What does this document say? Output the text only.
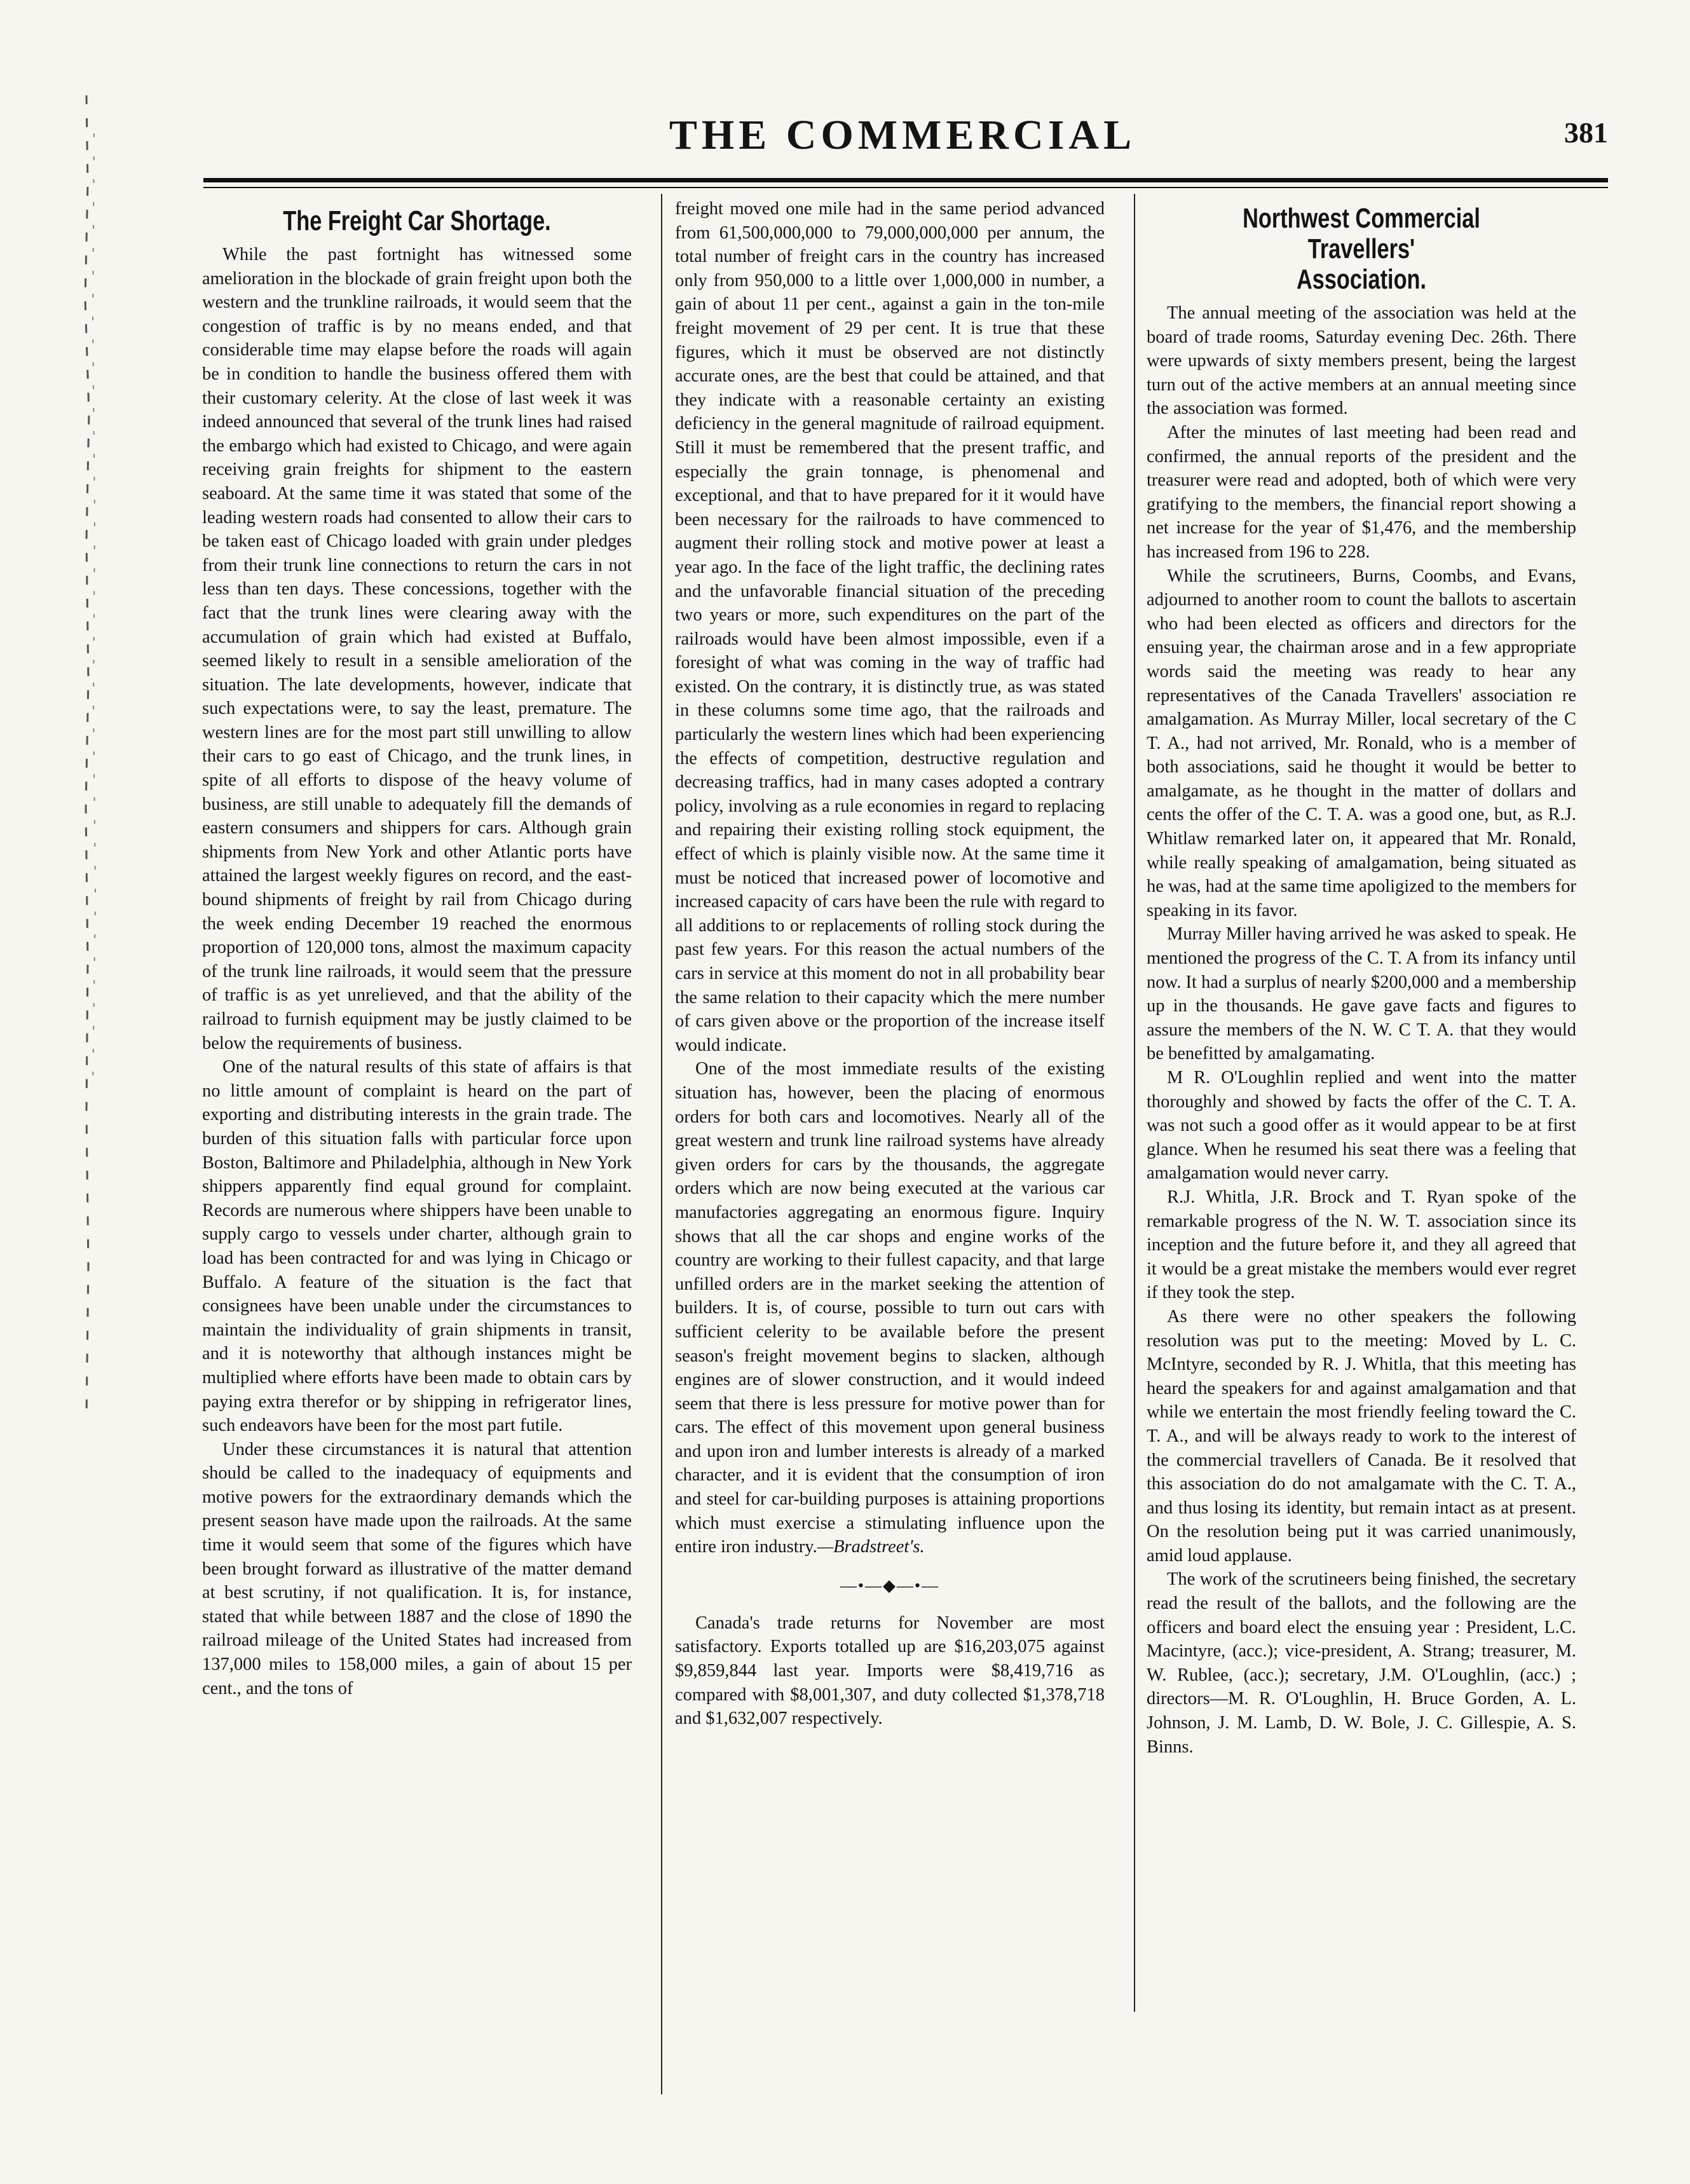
THE COMMERCIAL	381
The Freight Car Shortage.

While the past fortnight has witnessed some amelioration in the blockade of grain freight upon both the western and the trunkline railroads, it would seem that the congestion of traffic is by no means ended, and that considerable time may elapse before the roads will again be in condition to handle the business offered them with their customary celerity. At the close of last week it was indeed announced that several of the trunk lines had raised the embargo which had existed to Chicago, and were again receiving grain freights for shipment to the eastern seaboard. At the same time it was stated that some of the leading western roads had consented to allow their cars to be taken east of Chicago loaded with grain under pledges from their trunk line connections to return the cars in not less than ten days. These concessions, together with the fact that the trunk lines were clearing away with the accumulation of grain which had existed at Buffalo, seemed likely to result in a sensible amelioration of the situation. The late developments, however, indicate that such expectations were, to say the least, premature. The western lines are for the most part still unwilling to allow their cars to go east of Chicago, and the trunk lines, in spite of all efforts to dispose of the heavy volume of business, are still unable to adequately fill the demands of eastern consumers and shippers for cars. Although grain shipments from New York and other Atlantic ports have attained the largest weekly figures on record, and the east-bound shipments of freight by rail from Chicago during the week ending December 19 reached the enormous proportion of 120,000 tons, almost the maximum capacity of the trunk line railroads, it would seem that the pressure of traffic is as yet unrelieved, and that the ability of the railroad to furnish equipment may be justly claimed to be below the requirements of business.

One of the natural results of this state of affairs is that no little amount of complaint is heard on the part of exporting and distributing interests in the grain trade. The burden of this situation falls with particular force upon Boston, Baltimore and Philadelphia, although in New York shippers apparently find equal ground for complaint. Records are numerous where shippers have been unable to supply cargo to vessels under charter, although grain to load has been contracted for and was lying in Chicago or Buffalo. A feature of the situation is the fact that consignees have been unable under the circumstances to maintain the individuality of grain shipments in transit, and it is noteworthy that although instances might be multiplied where efforts have been made to obtain cars by paying extra therefor or by shipping in refrigerator lines, such endeavors have been for the most part futile.

Under these circumstances it is natural that attention should be called to the inadequacy of equipments and motive powers for the extraordinary demands which the present season have made upon the railroads. At the same time it would seem that some of the figures which have been brought forward as illustrative of the matter demand at best scrutiny, if not qualification. It is, for instance, stated that while between 1887 and the close of 1890 the railroad mileage of the United States had increased from 137,000 miles to 158,000 miles, a gain of about 15 per cent., and the tons of

freight moved one mile had in the same period advanced from 61,500,000,000 to 79,000,000,000 per annum, the total number of freight cars in the country has increased only from 950,000 to a little over 1,000,000 in number, a gain of about 11 per cent., against a gain in the ton-mile freight movement of 29 per cent. It is true that these figures, which it must be observed are not distinctly accurate ones, are the best that could be attained, and that they indicate with a reasonable certainty an existing deficiency in the general magnitude of railroad equipment. Still it must be remembered that the present traffic, and especially the grain tonnage, is phenomenal and exceptional, and that to have prepared for it it would have been necessary for the railroads to have commenced to augment their rolling stock and motive power at least a year ago. In the face of the light traffic, the declining rates and the unfavorable financial situation of the preceding two years or more, such expenditures on the part of the railroads would have been almost impossible, even if a foresight of what was coming in the way of traffic had existed. On the contrary, it is distinctly true, as was stated in these columns some time ago, that the railroads and particularly the western lines which had been experiencing the effects of competition, destructive regulation and decreasing traffics, had in many cases adopted a contrary policy, involving as a rule economies in regard to replacing and repairing their existing rolling stock equipment, the effect of which is plainly visible now. At the same time it must be noticed that increased power of locomotive and increased capacity of cars have been the rule with regard to all additions to or replacements of rolling stock during the past few years. For this reason the actual numbers of the cars in service at this moment do not in all probability bear the same relation to their capacity which the mere number of cars given above or the proportion of the increase itself would indicate.

One of the most immediate results of the existing situation has, however, been the placing of enormous orders for both cars and locomotives. Nearly all of the great western and trunk line railroad systems have already given orders for cars by the thousands, the aggregate orders which are now being executed at the various car manufactories aggregating an enormous figure. Inquiry shows that all the car shops and engine works of the country are working to their fullest capacity, and that large unfilled orders are in the market seeking the attention of builders. It is, of course, possible to turn out cars with sufficient celerity to be available before the present season's freight movement begins to slacken, although engines are of slower construction, and it would indeed seem that there is less pressure for motive power than for cars. The effect of this movement upon general business and upon iron and lumber interests is already of a marked character, and it is evident that the consumption of iron and steel for car-building purposes is attaining proportions which must exercise a stimulating influence upon the entire iron industry.—Bradstreet's.

—•—◆—•—

Canada's trade returns for November are most satisfactory. Exports totalled up are $16,203,075 against $9,859,844 last year. Imports were $8,419,716 as compared with $8,001,307, and duty collected $1,378,718 and $1,632,007 respectively.

Northwest Commercial Travellers'
Association.

The annual meeting of the association was held at the board of trade rooms, Saturday evening Dec. 26th. There were upwards of sixty members present, being the largest turn out of the active members at an annual meeting since the association was formed.

After the minutes of last meeting had been read and confirmed, the annual reports of the president and the treasurer were read and adopted, both of which were very gratifying to the members, the financial report showing a net increase for the year of $1,476, and the membership has increased from 196 to 228.

While the scrutineers, Burns, Coombs, and Evans, adjourned to another room to count the ballots to ascertain who had been elected as officers and directors for the ensuing year, the chairman arose and in a few appropriate words said the meeting was ready to hear any representatives of the Canada Travellers' association re amalgamation. As Murray Miller, local secretary of the C T. A., had not arrived, Mr. Ronald, who is a member of both associations, said he thought it would be better to amalgamate, as he thought in the matter of dollars and cents the offer of the C. T. A. was a good one, but, as R.J. Whitlaw remarked later on, it appeared that Mr. Ronald, while really speaking of amalgamation, being situated as he was, had at the same time apoligized to the members for speaking in its favor.

Murray Miller having arrived he was asked to speak. He mentioned the progress of the C. T. A from its infancy until now. It had a surplus of nearly $200,000 and a membership up in the thousands. He gave gave facts and figures to assure the members of the N. W. C T. A. that they would be benefitted by amalgamating.

M R. O'Loughlin replied and went into the matter thoroughly and showed by facts the offer of the C. T. A. was not such a good offer as it would appear to be at first glance. When he resumed his seat there was a feeling that amalgamation would never carry.

R.J. Whitla, J.R. Brock and T. Ryan spoke of the remarkable progress of the N. W. T. association since its inception and the future before it, and they all agreed that it would be a great mistake the members would ever regret if they took the step.

As there were no other speakers the following resolution was put to the meeting: Moved by L. C. McIntyre, seconded by R. J. Whitla, that this meeting has heard the speakers for and against amalgamation and that while we entertain the most friendly feeling toward the C. T. A., and will be always ready to work to the interest of the commercial travellers of Canada. Be it resolved that this association do do not amalgamate with the C. T. A., and thus losing its identity, but remain intact as at present. On the resolution being put it was carried unanimously, amid loud applause.

The work of the scrutineers being finished, the secretary read the result of the ballots, and the following are the officers and board elect the ensuing year : President, L.C. Macintyre, (acc.); vice-president, A. Strang; treasurer, M. W. Rublee, (acc.); secretary, J.M. O'Loughlin, (acc.) ; directors—M. R. O'Loughlin, H. Bruce Gorden, A. L. Johnson, J. M. Lamb, D. W. Bole, J. C. Gillespie, A. S. Binns.
